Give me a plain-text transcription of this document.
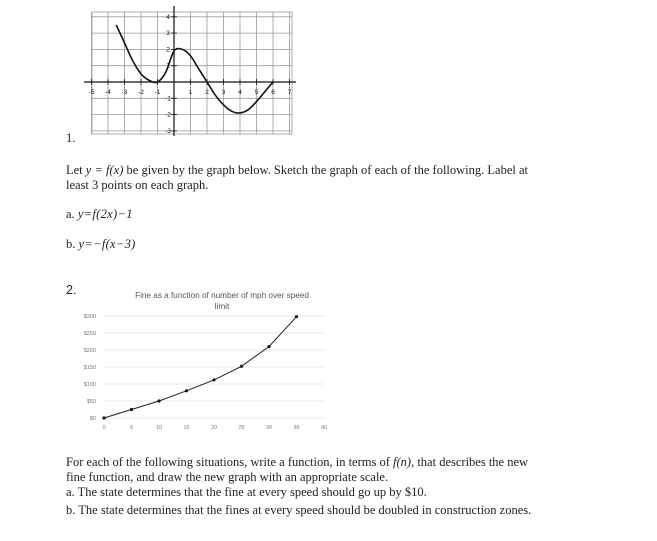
-5 -4 -3 -2 -1	1 2 3 4 5 6 7
4
3
2
1
-1
-2
-3
1.
Let y = f(x) be given by the graph below. Sketch the graph of each of the following. Label at
least 3 points on each graph.
a. y=f(2x)−1
b. y=−f(x−3)
2.	Fine as a function of number of mph over speed
limit
$0
$50
$100
$150
$200
$250
$300
0	5	10	15	20	25	30	35	40
For each of the following situations, write a function, in terms of f(n), that describes the new
fine function, and draw the new graph with an appropriate scale.
a. The state determines that the fine at every speed should go up by $10.
b. The state determines that the fines at every speed should be doubled in construction zones.
